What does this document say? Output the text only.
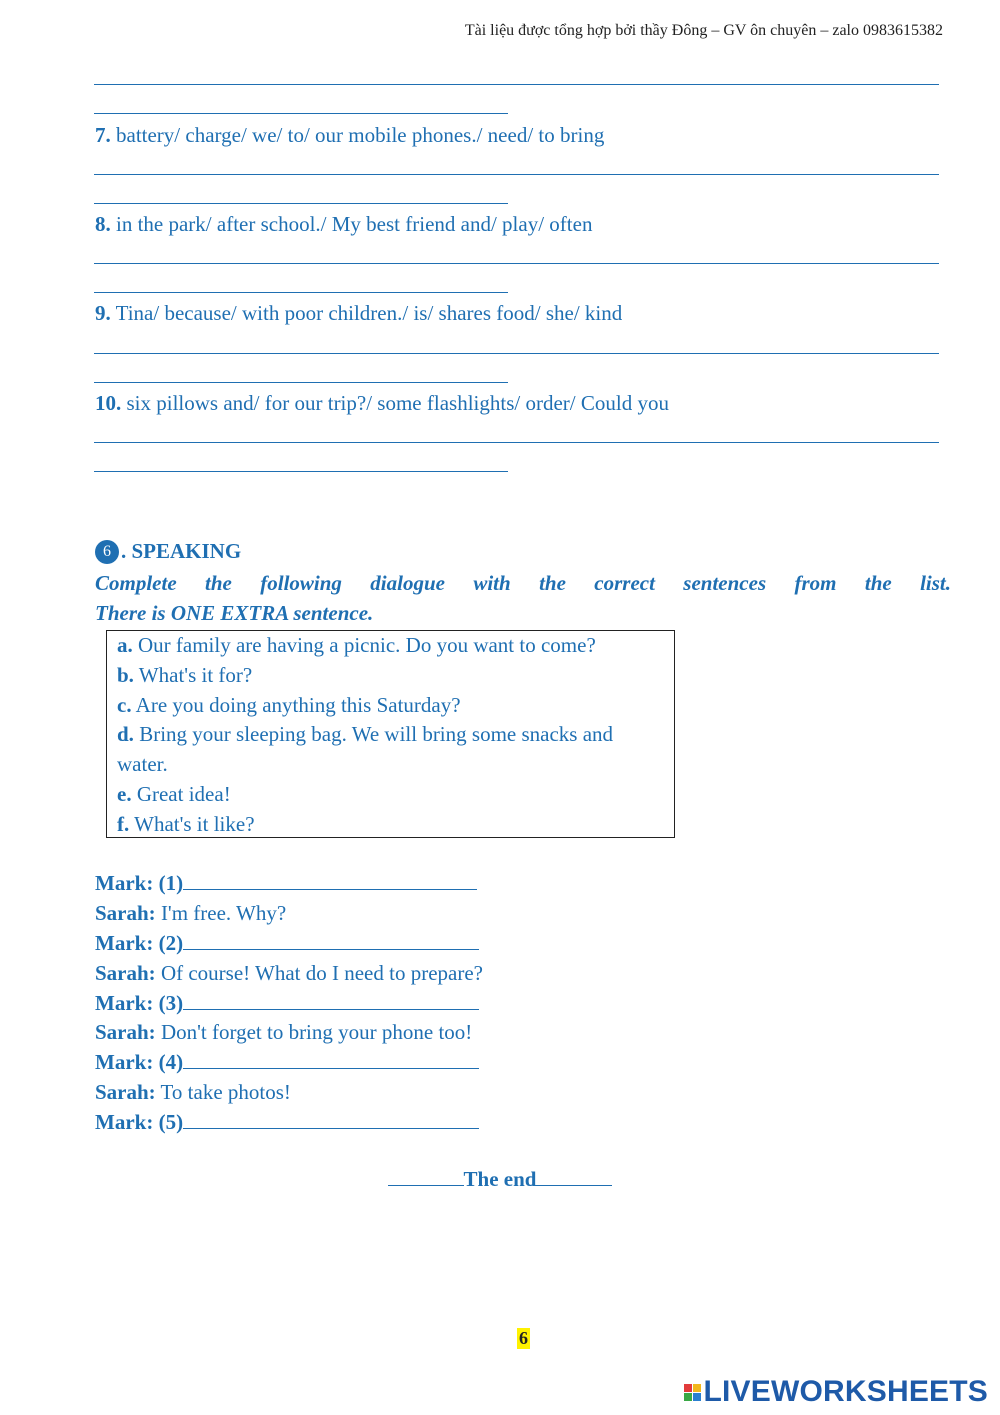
Tài liệu được tổng hợp bởi thầy Đông – GV ôn chuyên – zalo 0983615382
7. battery/ charge/ we/ to/ our mobile phones./ need/ to bring
8. in the park/ after school./ My best friend and/ play/ often
9. Tina/ because/ with poor children./ is/ shares food/ she/ kind
10. six pillows and/ for our trip?/ some flashlights/ order/ Could you
6 . SPEAKING
Complete the following dialogue with the correct sentences from the list.
There is ONE EXTRA sentence.
a. Our family are having a picnic. Do you want to come?
b. What's it for?
c. Are you doing anything this Saturday?
d. Bring your sleeping bag. We will bring some snacks and water.
e. Great idea!
f. What's it like?
Mark: (1)
Sarah: I'm free. Why?
Mark: (2)
Sarah: Of course! What do I need to prepare?
Mark: (3)
Sarah: Don't forget to bring your phone too!
Mark: (4)
Sarah: To take photos!
Mark: (5)
The end
6
LIVEWORKSHEETS
